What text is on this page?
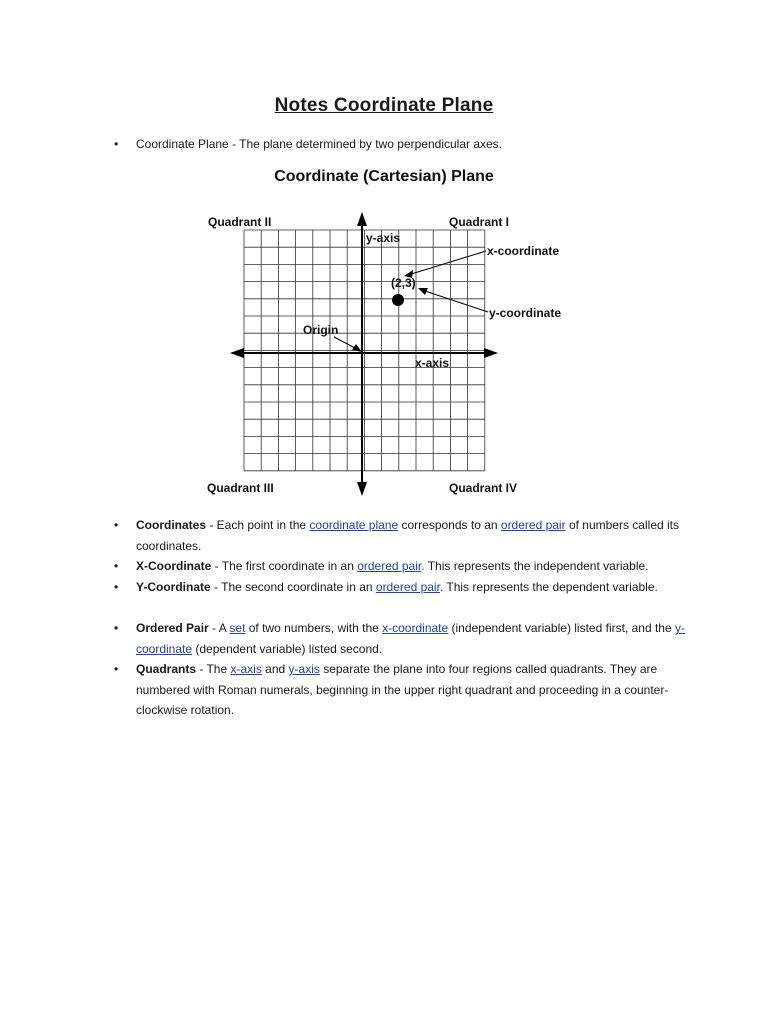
Notes Coordinate Plane
• Coordinate Plane - The plane determined by two perpendicular axes.
Coordinate (Cartesian) Plane
Quadrant II	Quadrant I
Quadrant III	Quadrant IV
y-axis
x-axis
Origin
(2,3)
x-coordinate
y-coordinate
• Coordinates - Each point in the coordinate plane corresponds to an ordered pair of numbers called its coordinates.
• X-Coordinate - The first coordinate in an ordered pair. This represents the independent variable.
• Y-Coordinate - The second coordinate in an ordered pair. This represents the dependent variable.
• Ordered Pair - A set of two numbers, with the x-coordinate (independent variable) listed first, and the y-coordinate (dependent variable) listed second.
• Quadrants - The x-axis and y-axis separate the plane into four regions called quadrants. They are numbered with Roman numerals, beginning in the upper right quadrant and proceeding in a counter-clockwise rotation.
